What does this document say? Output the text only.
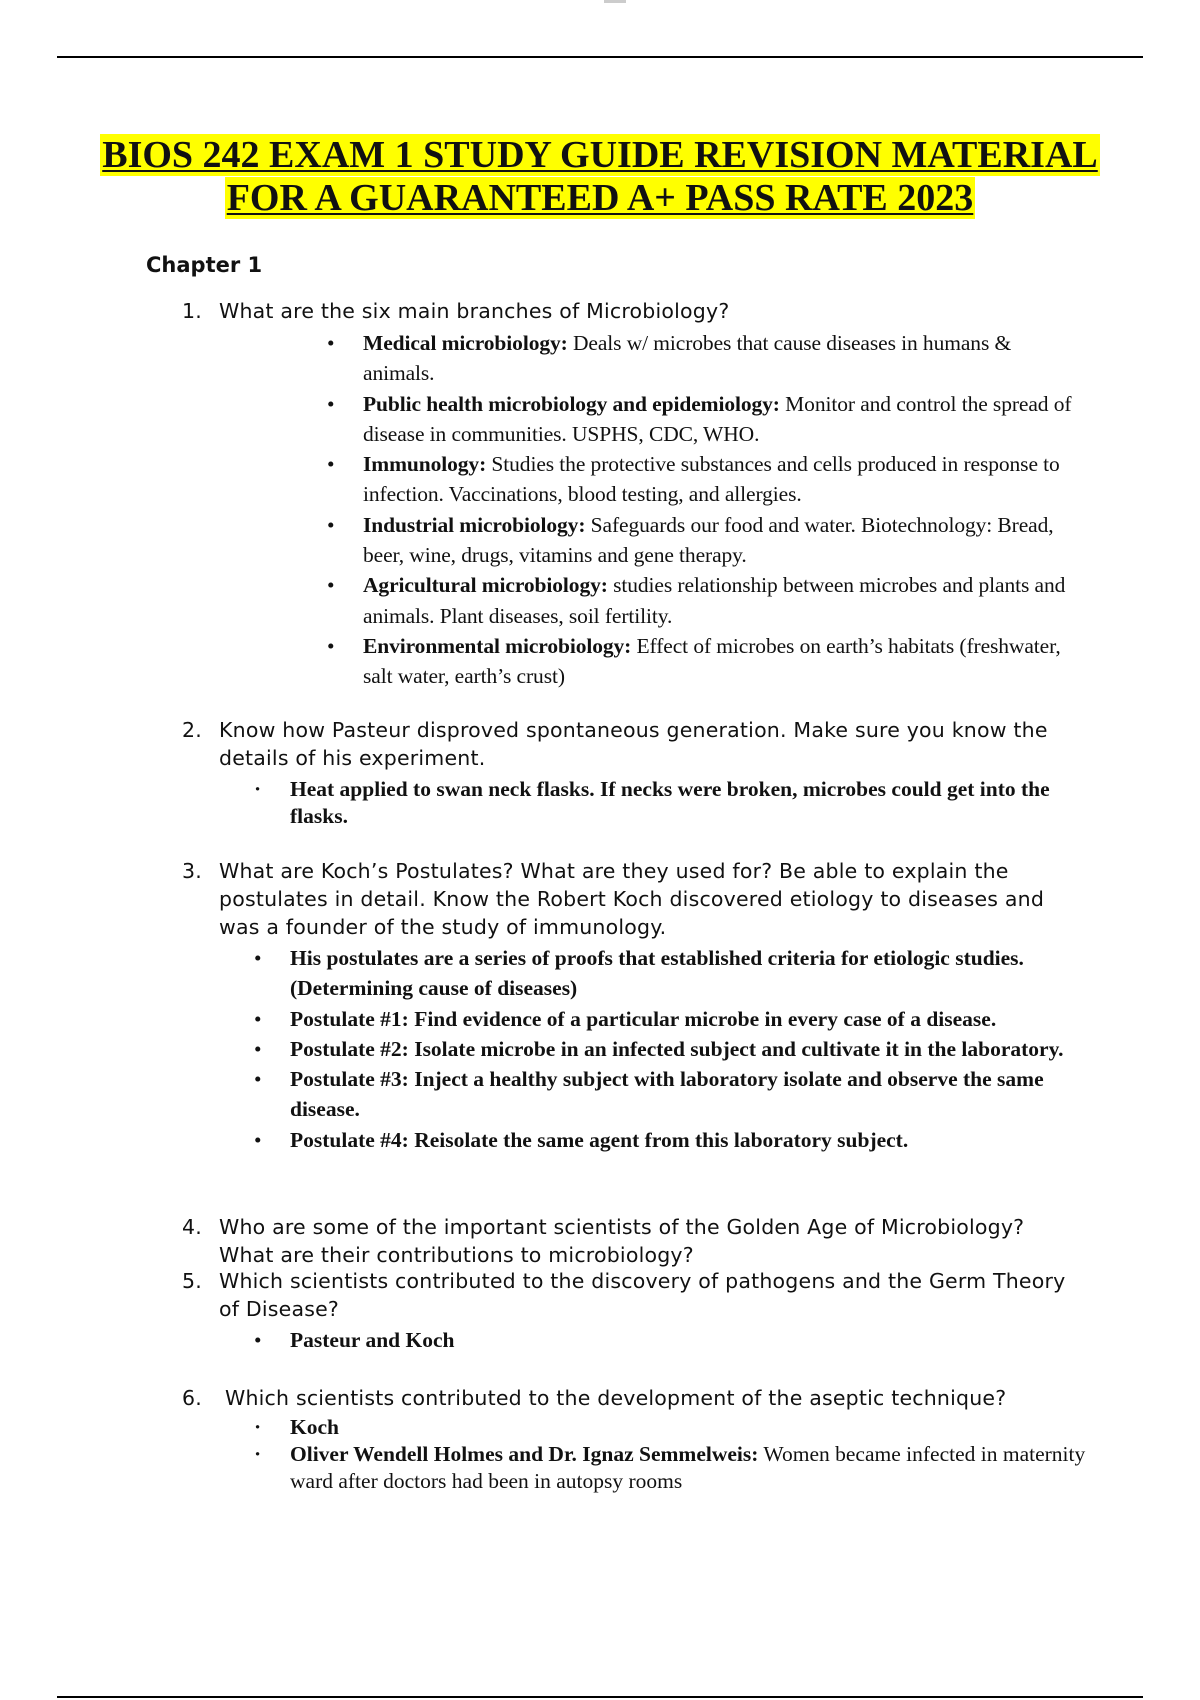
BIOS 242 EXAM 1 STUDY GUIDE REVISION MATERIAL
FOR A GUARANTEED A+ PASS RATE 2023
Chapter 1
1. What are the six main branches of Microbiology?
• Medical microbiology: Deals w/ microbes that cause diseases in humans & animals.
• Public health microbiology and epidemiology: Monitor and control the spread of disease in communities. USPHS, CDC, WHO.
• Immunology: Studies the protective substances and cells produced in response to infection. Vaccinations, blood testing, and allergies.
• Industrial microbiology: Safeguards our food and water. Biotechnology: Bread, beer, wine, drugs, vitamins and gene therapy.
• Agricultural microbiology: studies relationship between microbes and plants and animals. Plant diseases, soil fertility.
• Environmental microbiology: Effect of microbes on earth’s habitats (freshwater, salt water, earth’s crust)
2. Know how Pasteur disproved spontaneous generation. Make sure you know the details of his experiment.
· Heat applied to swan neck flasks. If necks were broken, microbes could get into the flasks.
3. What are Koch’s Postulates? What are they used for? Be able to explain the postulates in detail. Know the Robert Koch discovered etiology to diseases and was a founder of the study of immunology.
• His postulates are a series of proofs that established criteria for etiologic studies. (Determining cause of diseases)
• Postulate #1: Find evidence of a particular microbe in every case of a disease.
• Postulate #2: Isolate microbe in an infected subject and cultivate it in the laboratory.
• Postulate #3: Inject a healthy subject with laboratory isolate and observe the same disease.
• Postulate #4: Reisolate the same agent from this laboratory subject.
4. Who are some of the important scientists of the Golden Age of Microbiology? What are their contributions to microbiology?
5. Which scientists contributed to the discovery of pathogens and the Germ Theory of Disease?
• Pasteur and Koch
6. Which scientists contributed to the development of the aseptic technique?
· Koch
· Oliver Wendell Holmes and Dr. Ignaz Semmelweis: Women became infected in maternity ward after doctors had been in autopsy rooms
